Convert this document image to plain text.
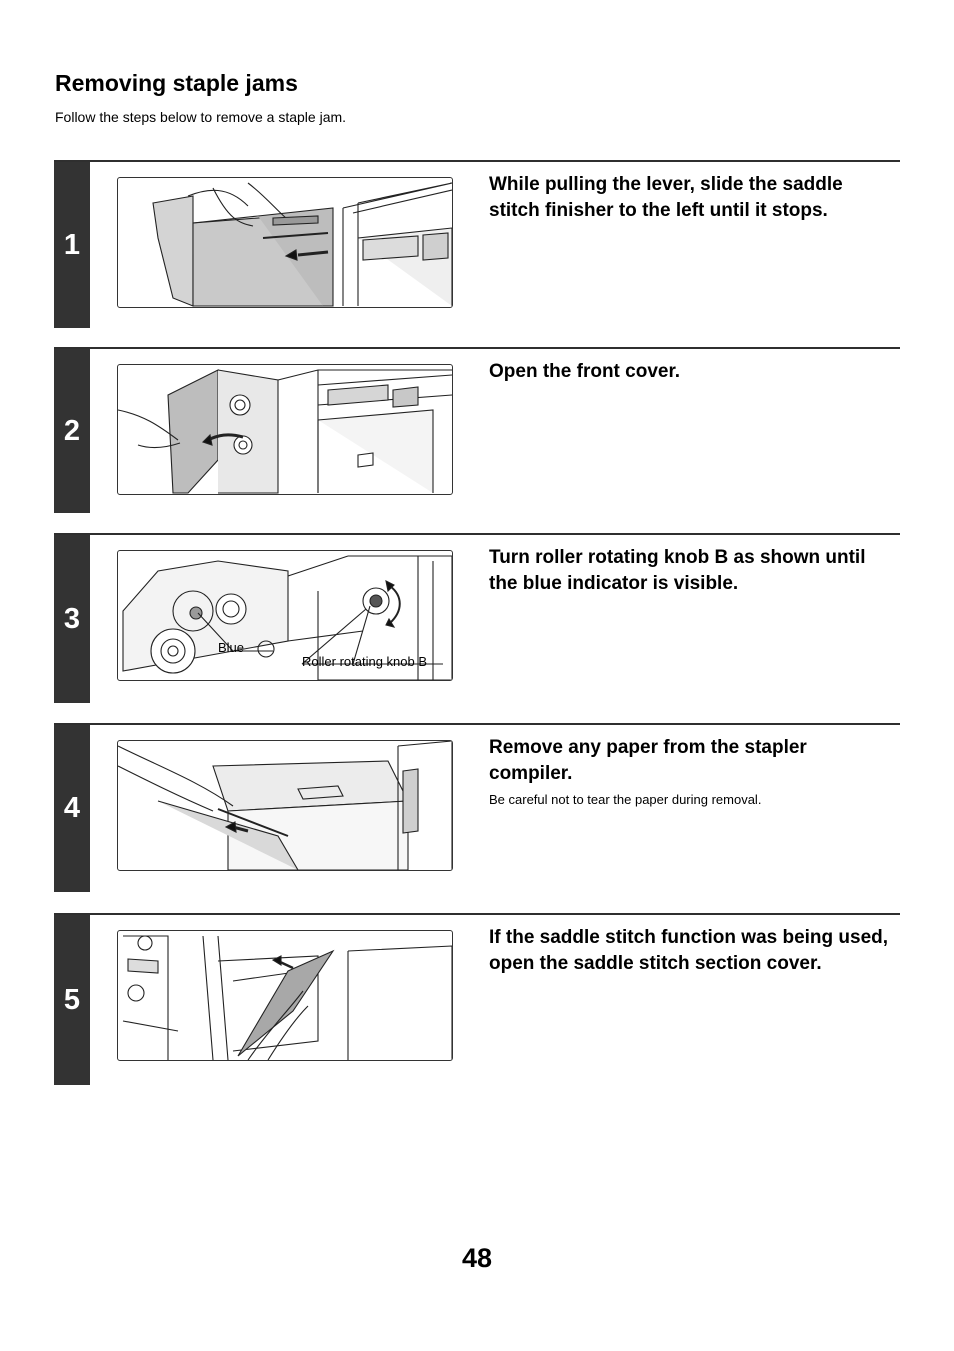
Removing staple jams
Follow the steps below to remove a staple jam.
1
While pulling the lever, slide the saddle stitch finisher to the left until it stops.
2
Open the front cover.
3
Blue
Roller rotating knob B
Turn roller rotating knob B as shown until the blue indicator is visible.
4
Remove any paper from the stapler compiler.
Be careful not to tear the paper during removal.
5
If the saddle stitch function was being used, open the saddle stitch section cover.
48
